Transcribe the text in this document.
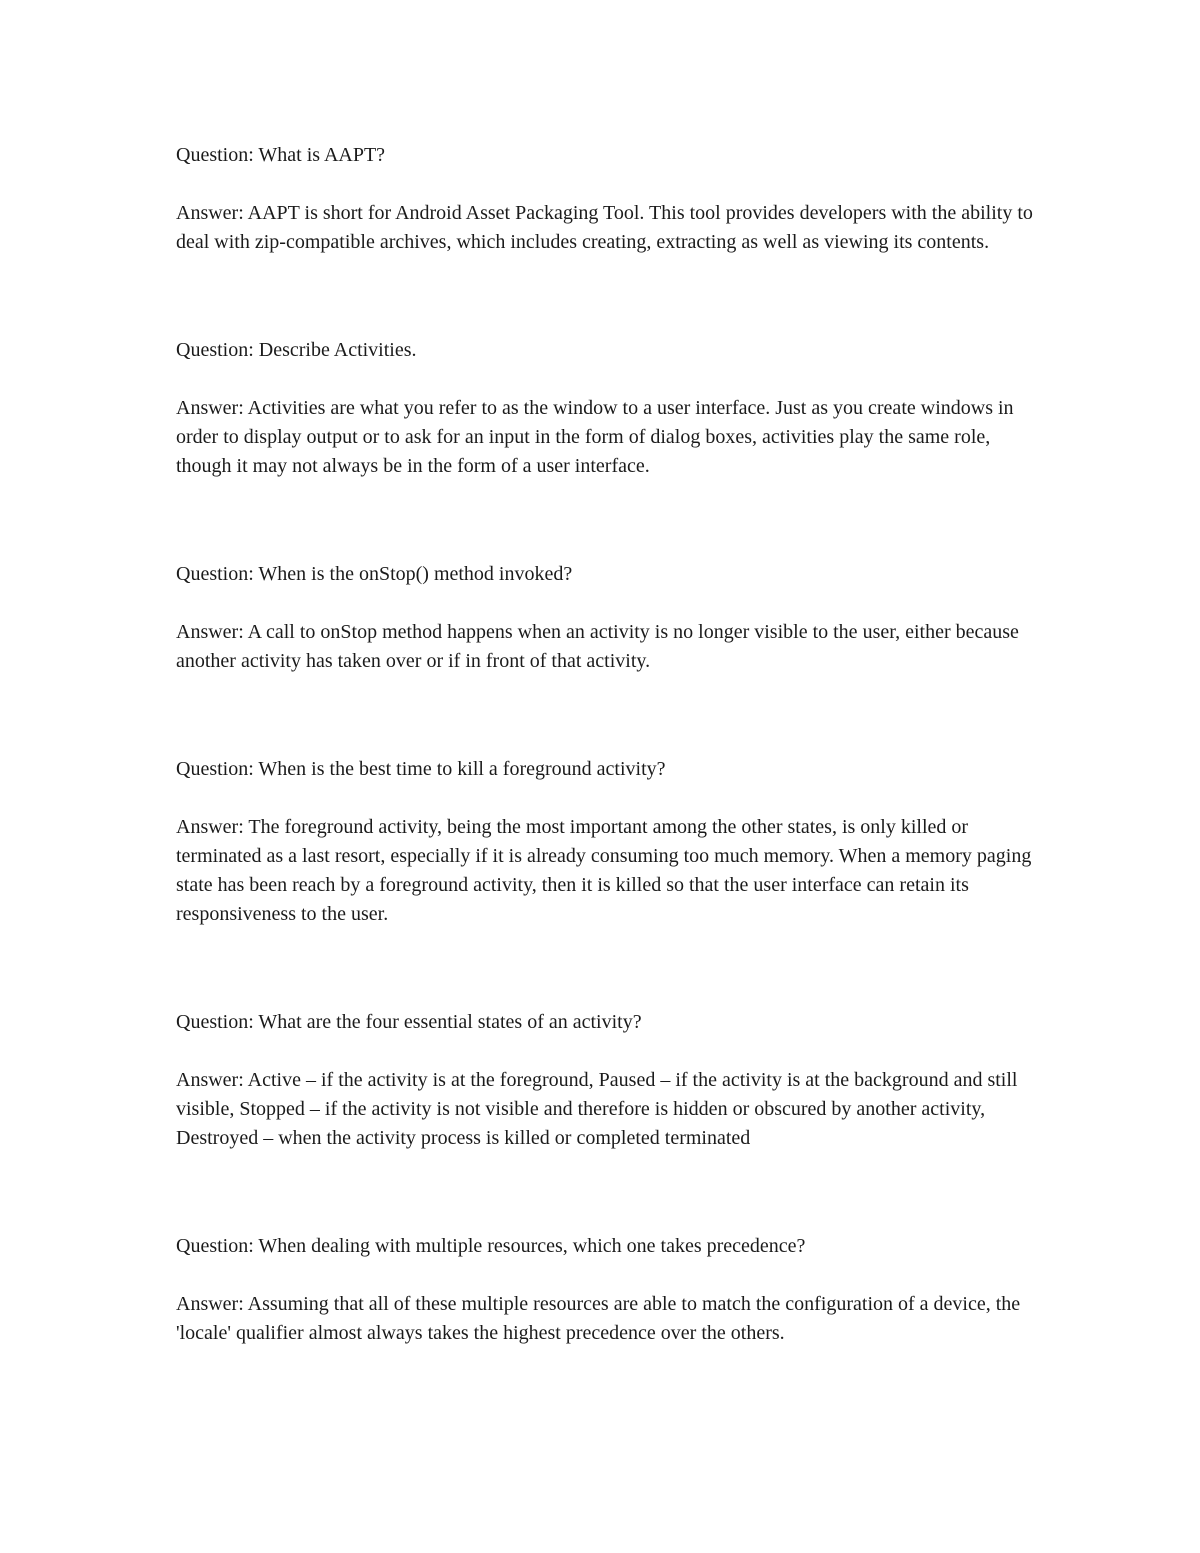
Question: What is AAPT?

Answer: AAPT is short for Android Asset Packaging Tool. This tool provides developers with the ability to deal with zip-compatible archives, which includes creating, extracting as well as viewing its contents.

Question: Describe Activities.

Answer: Activities are what you refer to as the window to a user interface. Just as you create windows in order to display output or to ask for an input in the form of dialog boxes, activities play the same role, though it may not always be in the form of a user interface.

Question: When is the onStop() method invoked?

Answer: A call to onStop method happens when an activity is no longer visible to the user, either because another activity has taken over or if in front of that activity.

Question: When is the best time to kill a foreground activity?

Answer: The foreground activity, being the most important among the other states, is only killed or terminated as a last resort, especially if it is already consuming too much memory. When a memory paging state has been reach by a foreground activity, then it is killed so that the user interface can retain its responsiveness to the user.

Question: What are the four essential states of an activity?

Answer: Active – if the activity is at the foreground, Paused – if the activity is at the background and still visible, Stopped – if the activity is not visible and therefore is hidden or obscured by another activity, Destroyed – when the activity process is killed or completed terminated

Question: When dealing with multiple resources, which one takes precedence?

Answer: Assuming that all of these multiple resources are able to match the configuration of a device, the 'locale' qualifier almost always takes the highest precedence over the others.
